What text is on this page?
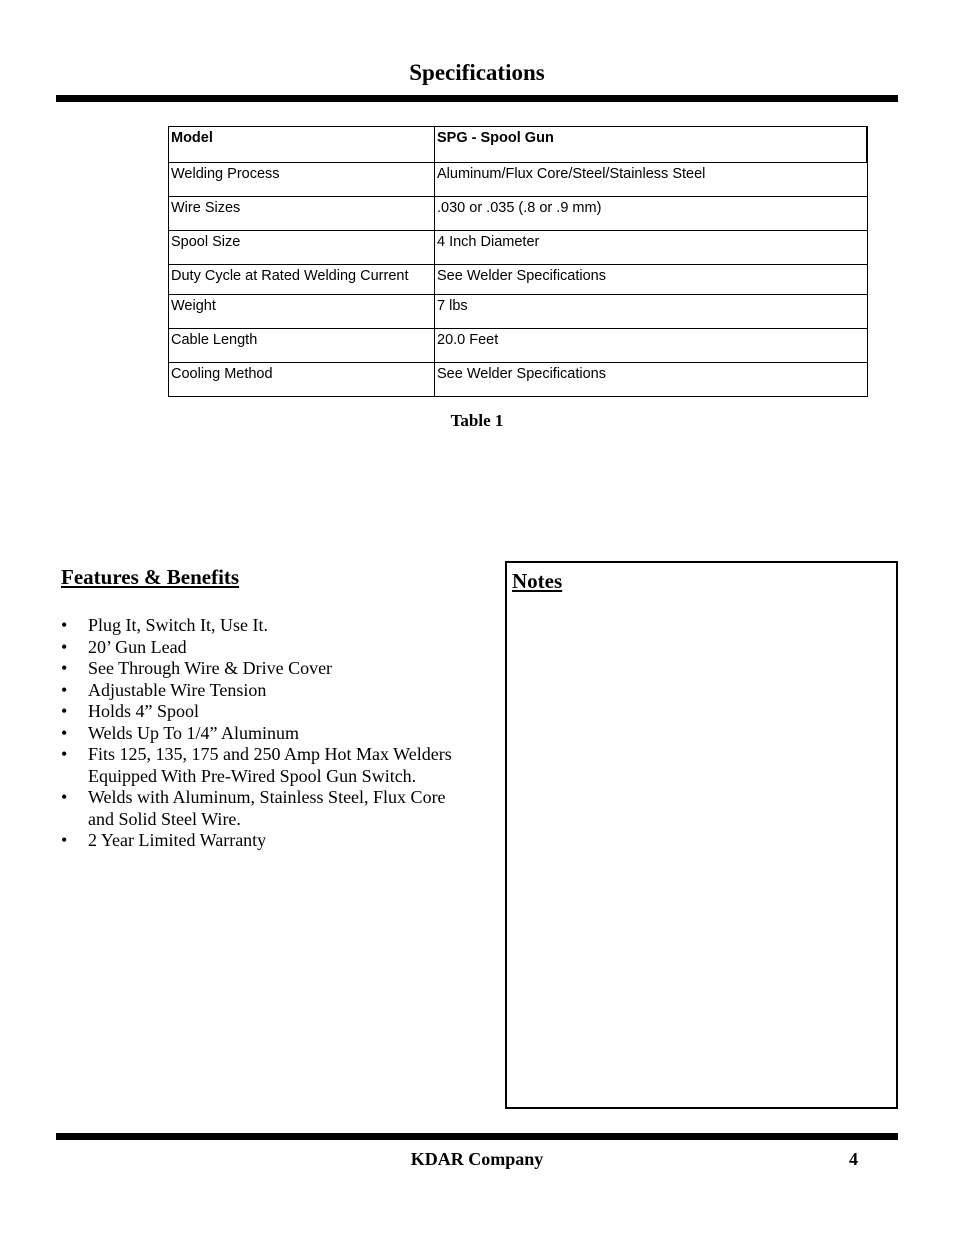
Specifications
Model	SPG - Spool Gun
Welding Process	Aluminum/Flux Core/Steel/Stainless Steel
Wire Sizes	.030 or .035 (.8 or .9 mm)
Spool Size	4 Inch Diameter
Duty Cycle at Rated Welding Current	See Welder Specifications
Weight	7 lbs
Cable Length	20.0 Feet
Cooling Method	See Welder Specifications
Table 1
Features & Benefits
• Plug It, Switch It, Use It.
• 20’ Gun Lead
• See Through Wire & Drive Cover
• Adjustable Wire Tension
• Holds 4” Spool
• Welds Up To 1/4” Aluminum
• Fits 125, 135, 175 and 250 Amp Hot Max Welders Equipped With Pre-Wired Spool Gun Switch.
• Welds with Aluminum, Stainless Steel, Flux Core and Solid Steel Wire.
• 2 Year Limited Warranty
Notes
KDAR Company	4
